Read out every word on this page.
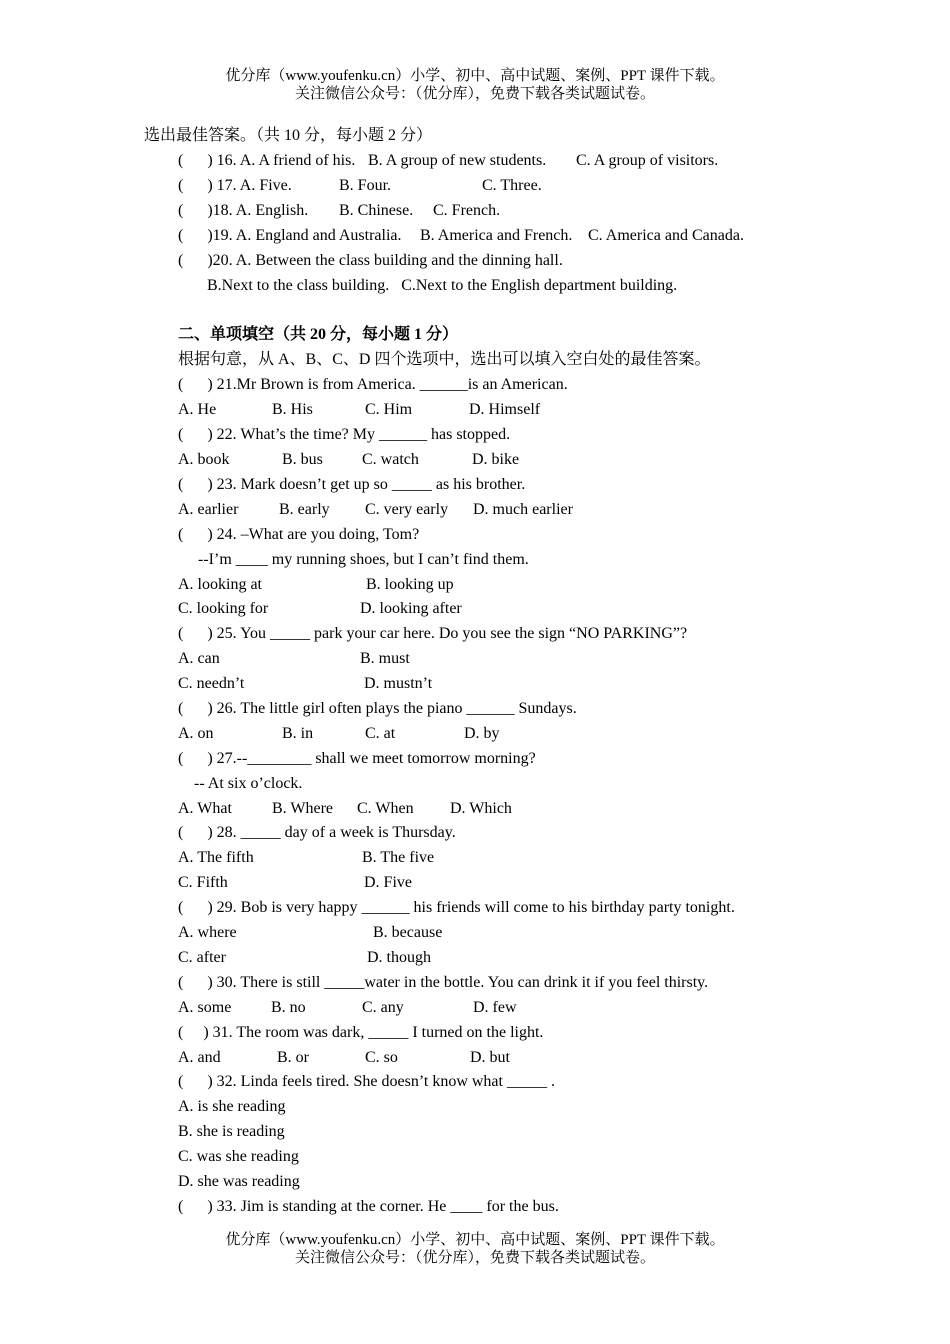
优分库（www.youfenku.cn）小学、初中、高中试题、案例、PPT 课件下载。
关注微信公众号：（优分库），免费下载各类试题试卷。
选出最佳答案。（共 10 分，每小题 2 分）
(      ) 16. A. A friend of his. B. A group of new students. C. A group of visitors.
(      ) 17. A. Five.	B. Four.	C. Three.
(      )18. A. English. B. Chinese. C. French.
(      )19. A. England and Australia. B. America and French. C. America and Canada.
(      )20. A. Between the class building and the dinning hall.
B.Next to the class building.   C.Next to the English department building.
二、单项填空（共 20 分，每小题 1 分）
根据句意，从 A、B、C、D 四个选项中，选出可以填入空白处的最佳答案。
(      ) 21.Mr Brown is from America. ______is an American.
A. He	B. His	C. Him	D. Himself
(      ) 22. What’s the time? My ______ has stopped.
A. book	B. bus C. watch	D. bike
(      ) 23. Mark doesn’t get up so _____ as his brother.
A. earlier	B. early C. very early D. much earlier
(      ) 24. –What are you doing, Tom?
--I’m ____ my running shoes, but I can’t find them.
A. looking at	B. looking up
C. looking for	D. looking after
(      ) 25. You _____ park your car here. Do you see the sign “NO PARKING”?
A. can	B. must
C. needn’t	D. mustn’t
(      ) 26. The little girl often plays the piano ______ Sundays.
A. on	B. in	C. at	D. by
(      ) 27.--________ shall we meet tomorrow morning?
-- At six o’clock.
A. What	B. Where C. When D. Which
(      ) 28. _____ day of a week is Thursday.
A. The fifth	B. The five
C. Fifth	D. Five
(      ) 29. Bob is very happy ______ his friends will come to his birthday party tonight.
A. where	B. because
C. after	D. though
(      ) 30. There is still _____water in the bottle. You can drink it if you feel thirsty.
A. some B. no	C. any	D. few
(     ) 31. The room was dark, _____ I turned on the light.
A. and	B. or	C. so	D. but
(      ) 32. Linda feels tired. She doesn’t know what _____ .
A. is she reading
B. she is reading
C. was she reading
D. she was reading
(      ) 33. Jim is standing at the corner. He ____ for the bus.
优分库（www.youfenku.cn）小学、初中、高中试题、案例、PPT 课件下载。
关注微信公众号：（优分库），免费下载各类试题试卷。
